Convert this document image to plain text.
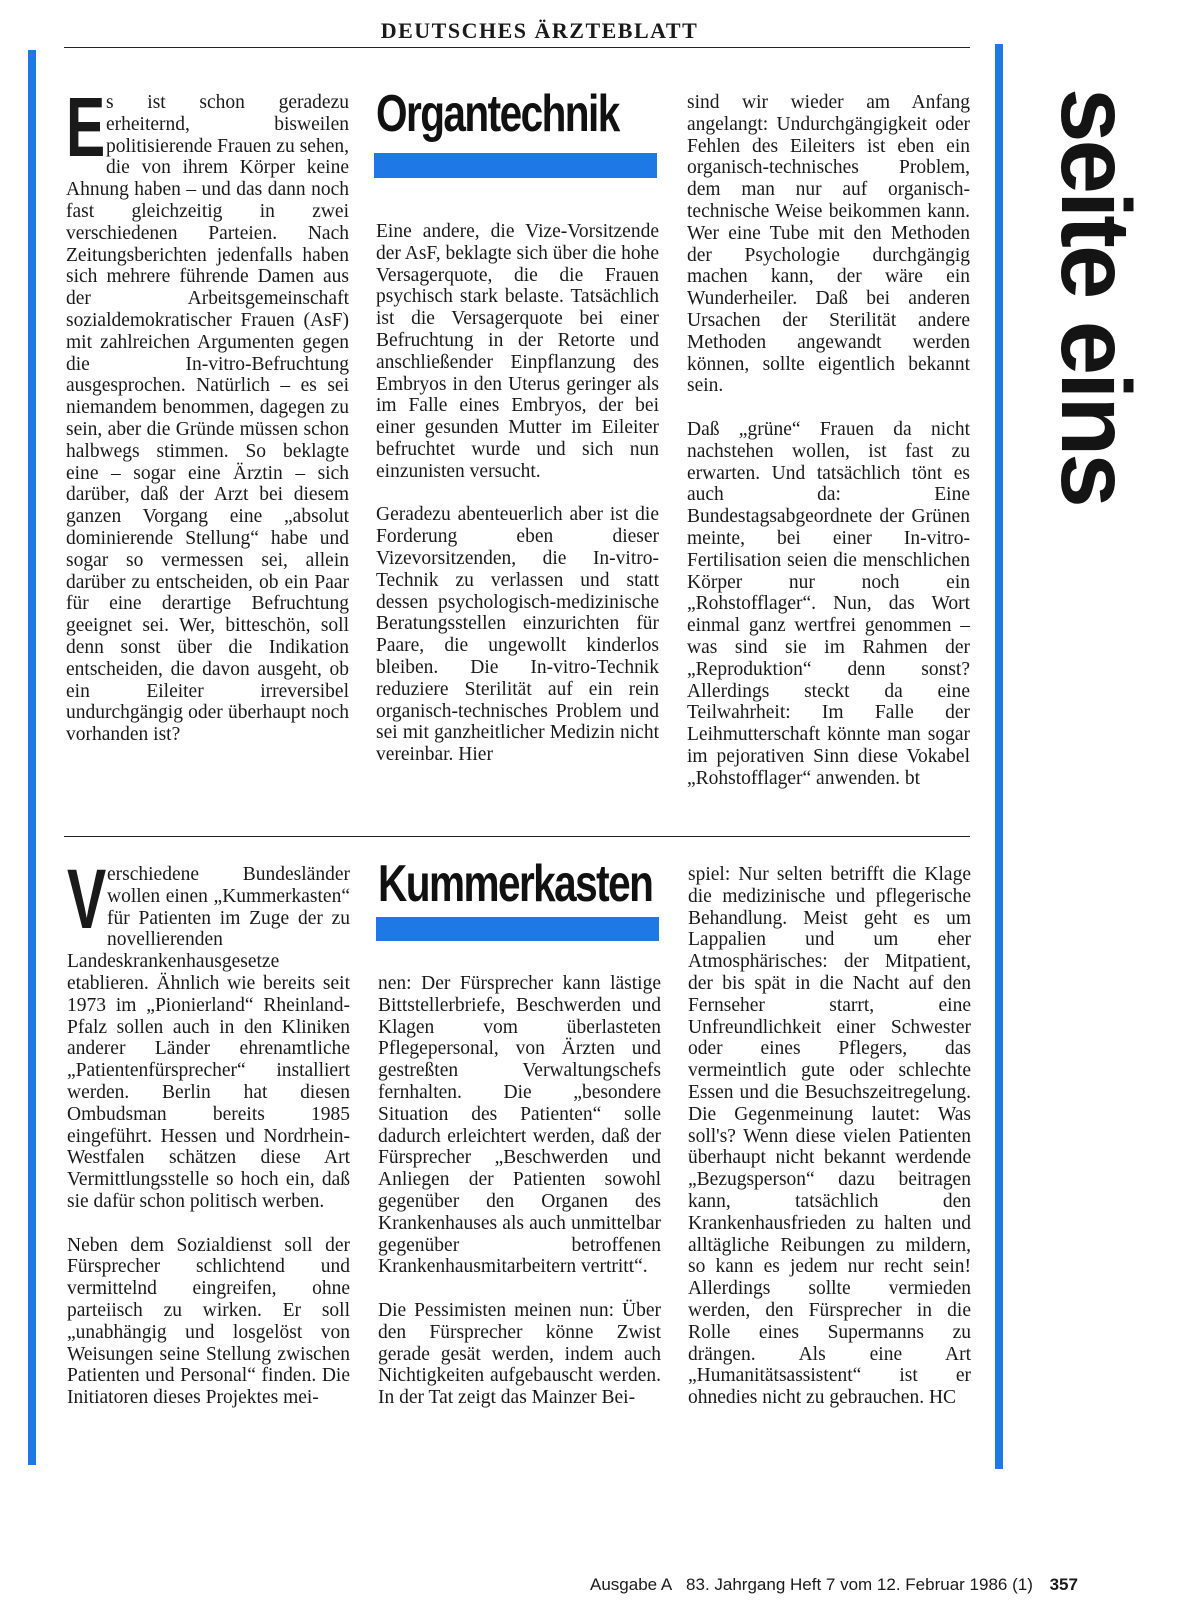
DEUTSCHES ÄRZTEBLATT
seite eins
E s ist schon geradezu erheiternd, bisweilen politisierende Frauen zu sehen, die von ihrem Körper keine Ahnung haben – und das dann noch fast gleichzeitig in zwei verschiedenen Parteien. Nach Zeitungsberichten jedenfalls haben sich mehrere führende Damen aus der Arbeitsgemeinschaft sozialdemokratischer Frauen (AsF) mit zahlreichen Argumenten gegen die In-vitro-Befruchtung ausgesprochen. Natürlich – es sei niemandem benommen, dagegen zu sein, aber die Gründe müssen schon halbwegs stimmen. So beklagte eine – sogar eine Ärztin – sich darüber, daß der Arzt bei diesem ganzen Vorgang eine „absolut dominierende Stellung“ habe und sogar so vermessen sei, allein darüber zu entscheiden, ob ein Paar für eine derartige Befruchtung geeignet sei. Wer, bitteschön, soll denn sonst über die Indikation entscheiden, die davon ausgeht, ob ein Eileiter irreversibel undurchgängig oder überhaupt noch vorhanden ist?
Organtechnik

Eine andere, die Vize-Vorsitzende der AsF, beklagte sich über die hohe Versagerquote, die die Frauen psychisch stark belaste. Tatsächlich ist die Versagerquote bei einer Befruchtung in der Retorte und anschließender Einpflanzung des Embryos in den Uterus geringer als im Falle eines Embryos, der bei einer gesunden Mutter im Eileiter befruchtet wurde und sich nun einzunisten versucht.

Geradezu abenteuerlich aber ist die Forderung eben dieser Vizevorsitzenden, die In-vitro-Technik zu verlassen und statt dessen psychologisch-medizinische Beratungsstellen einzurichten für Paare, die ungewollt kinderlos bleiben. Die In-vitro-Technik reduziere Sterilität auf ein rein organisch-technisches Problem und sei mit ganzheitlicher Medizin nicht vereinbar. Hier

sind wir wieder am Anfang angelangt: Undurchgängigkeit oder Fehlen des Eileiters ist eben ein organisch-technisches Problem, dem man nur auf organisch-technische Weise beikommen kann. Wer eine Tube mit den Methoden der Psychologie durchgängig machen kann, der wäre ein Wunderheiler. Daß bei anderen Ursachen der Sterilität andere Methoden angewandt werden können, sollte eigentlich bekannt sein.

Daß „grüne“ Frauen da nicht nachstehen wollen, ist fast zu erwarten. Und tatsächlich tönt es auch da: Eine Bundestagsabgeordnete der Grünen meinte, bei einer In-vitro-Fertilisation seien die menschlichen Körper nur noch ein „Rohstofflager“. Nun, das Wort einmal ganz wertfrei genommen – was sind sie im Rahmen der „Reproduktion“ denn sonst? Allerdings steckt da eine Teilwahrheit: Im Falle der Leihmutterschaft könnte man sogar im pejorativen Sinn diese Vokabel „Rohstofflager“ anwenden. bt

V erschiedene Bundesländer wollen einen „Kummerkasten“ für Patienten im Zuge der zu novellierenden Landeskrankenhausgesetze etablieren. Ähnlich wie bereits seit 1973 im „Pionierland“ Rheinland-Pfalz sollen auch in den Kliniken anderer Länder ehrenamtliche „Patientenfürsprecher“ installiert werden. Berlin hat diesen Ombudsman bereits 1985 eingeführt. Hessen und Nordrhein-Westfalen schätzen diese Art Vermittlungsstelle so hoch ein, daß sie dafür schon politisch werben.

Neben dem Sozialdienst soll der Fürsprecher schlichtend und vermittelnd eingreifen, ohne parteiisch zu wirken. Er soll „unabhängig und losgelöst von Weisungen seine Stellung zwischen Patienten und Personal“ finden. Die Initiatoren dieses Projektes mei-

Kummerkasten

nen: Der Fürsprecher kann lästige Bittstellerbriefe, Beschwerden und Klagen vom überlasteten Pflegepersonal, von Ärzten und gestreßten Verwaltungschefs fernhalten. Die „besondere Situation des Patienten“ solle dadurch erleichtert werden, daß der Fürsprecher „Beschwerden und Anliegen der Patienten sowohl gegenüber den Organen des Krankenhauses als auch unmittelbar gegenüber betroffenen Krankenhausmitarbeitern vertritt“.

Die Pessimisten meinen nun: Über den Fürsprecher könne Zwist gerade gesät werden, indem auch Nichtigkeiten aufgebauscht werden. In der Tat zeigt das Mainzer Bei-

spiel: Nur selten betrifft die Klage die medizinische und pflegerische Behandlung. Meist geht es um Lappalien und um eher Atmosphärisches: der Mitpatient, der bis spät in die Nacht auf den Fernseher starrt, eine Unfreundlichkeit einer Schwester oder eines Pflegers, das vermeintlich gute oder schlechte Essen und die Besuchszeitregelung. Die Gegenmeinung lautet: Was soll's? Wenn diese vielen Patienten überhaupt nicht bekannt werdende „Bezugsperson“ dazu beitragen kann, tatsächlich den Krankenhausfrieden zu halten und alltägliche Reibungen zu mildern, so kann es jedem nur recht sein! Allerdings sollte vermieden werden, den Fürsprecher in die Rolle eines Supermanns zu drängen. Als eine Art „Humanitätsassistent“ ist er ohnedies nicht zu gebrauchen. HC

Ausgabe A 83. Jahrgang Heft 7 vom 12. Februar 1986 (1) 357
